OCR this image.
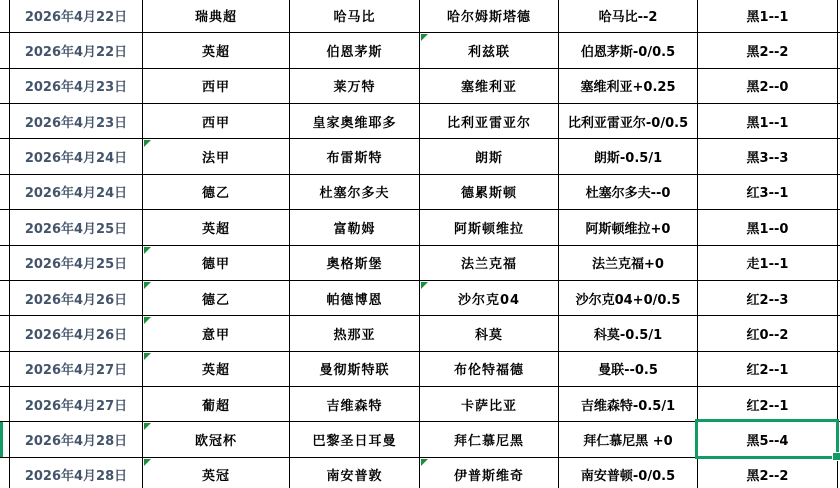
2026年4月22日	瑞典超	哈马比	哈尔姆斯塔德	哈马比--2	黑1--1
2026年4月22日	英超	伯恩茅斯	利兹联	伯恩茅斯-0/0.5	黑2--2
2026年4月23日	西甲	莱万特	塞维利亚	塞维利亚+0.25	黑2--0
2026年4月23日	西甲	皇家奥维耶多	比利亚雷亚尔	比利亚雷亚尔-0/0.5	黑1--1
2026年4月24日	法甲	布雷斯特	朗斯	朗斯-0.5/1	黑3--3
2026年4月24日	德乙	杜塞尔多夫	德累斯顿	杜塞尔多夫--0	红3--1
2026年4月25日	英超	富勒姆	阿斯顿维拉	阿斯顿维拉+0	黑1--0
2026年4月25日	德甲	奥格斯堡	法兰克福	法兰克福+0	走1--1
2026年4月26日	德乙	帕德博恩	沙尔克04	沙尔克04+0/0.5	红2--3
2026年4月26日	意甲	热那亚	科莫	科莫-0.5/1	红0--2
2026年4月27日	英超	曼彻斯特联	布伦特福德	曼联--0.5	红2--1
2026年4月27日	葡超	吉维森特	卡萨比亚	吉维森特-0.5/1	红2--1
2026年4月28日	欧冠杯	巴黎圣日耳曼	拜仁慕尼黑	拜仁慕尼黑 +0	黑5--4
2026年4月28日	英冠	南安普敦	伊普斯维奇	南安普顿-0/0.5	黑2--2
